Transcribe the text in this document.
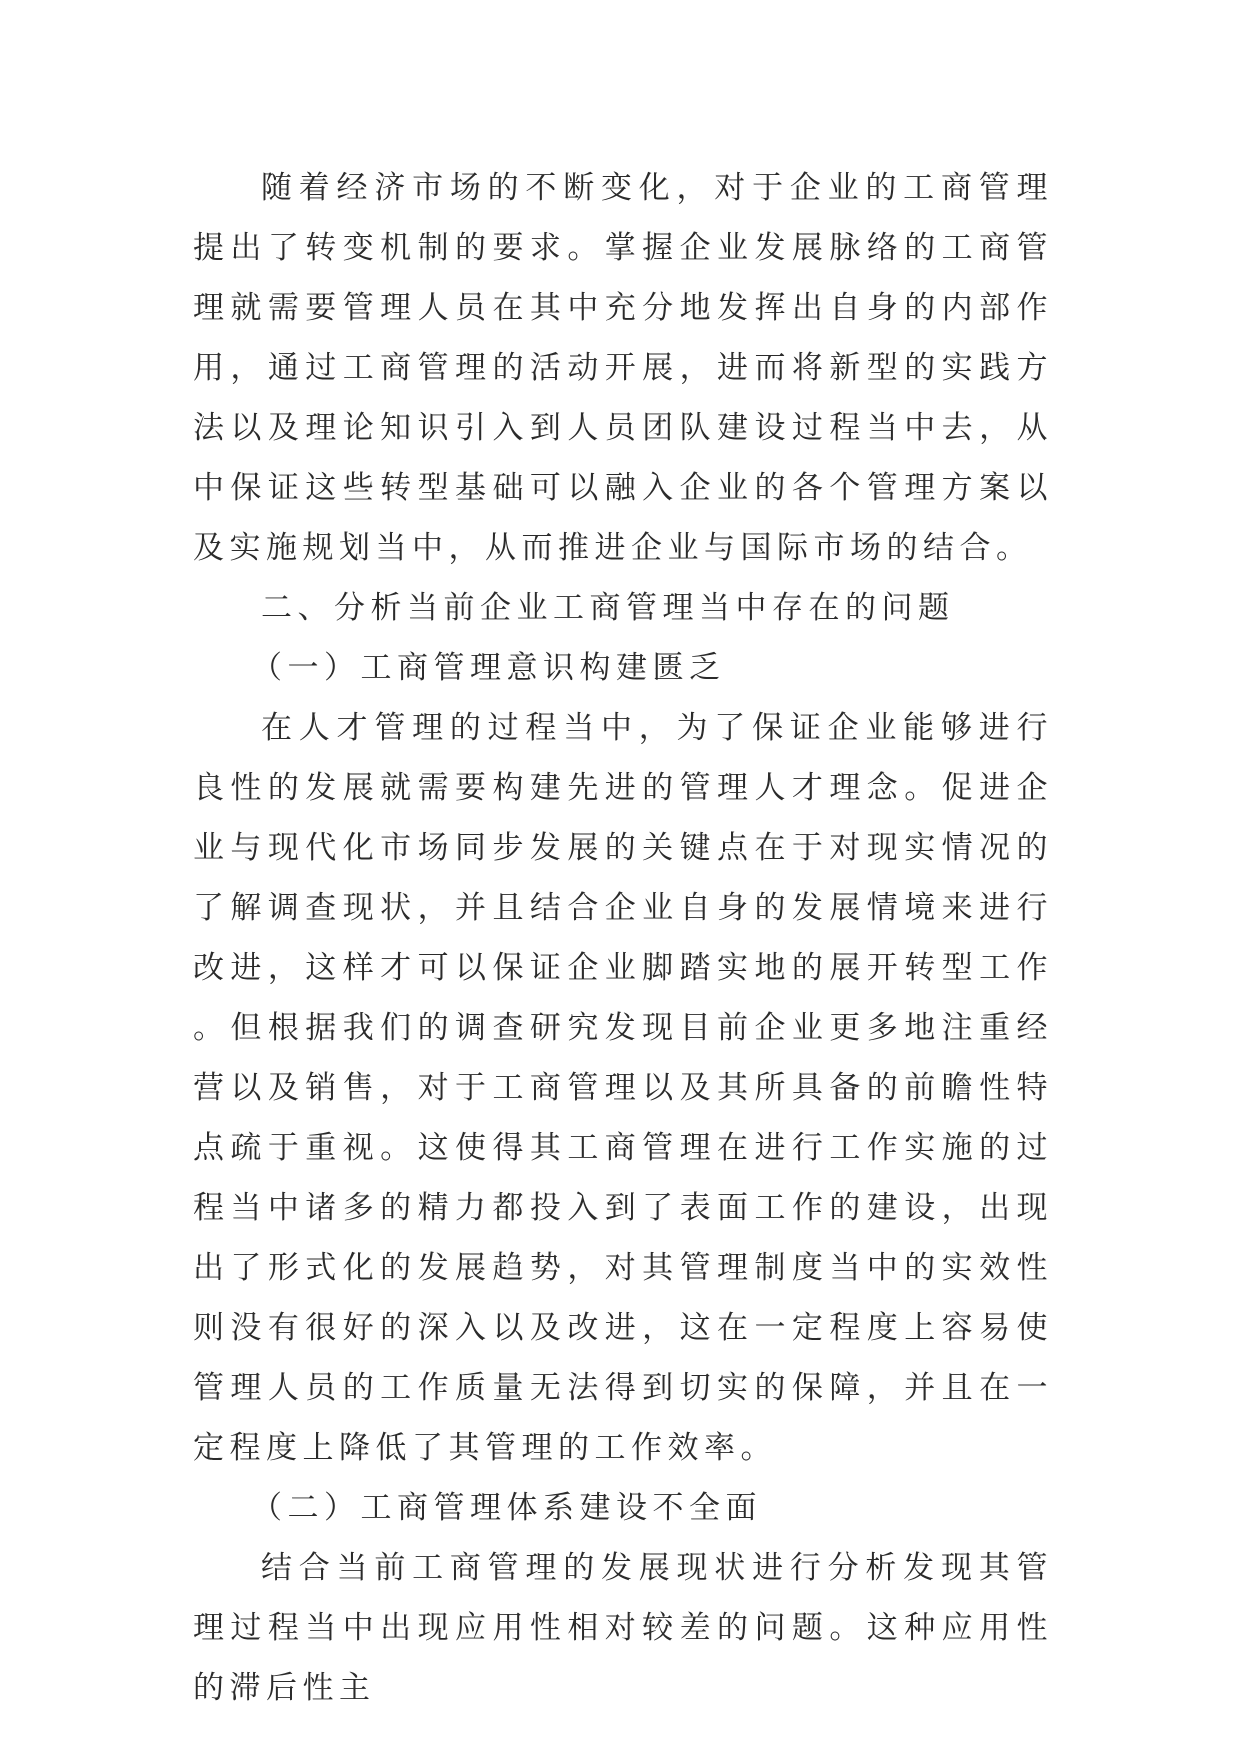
随着经济市场的不断变化，对于企业的工商管理提出了转变机制的要求。掌握企业发展脉络的工商管理就需要管理人员在其中充分地发挥出自身的内部作用，通过工商管理的活动开展，进而将新型的实践方法以及理论知识引入到人员团队建设过程当中去，从中保证这些转型基础可以融入企业的各个管理方案以及实施规划当中，从而推进企业与国际市场的结合。

二、分析当前企业工商管理当中存在的问题

（一）工商管理意识构建匮乏

在人才管理的过程当中，为了保证企业能够进行良性的发展就需要构建先进的管理人才理念。促进企业与现代化市场同步发展的关键点在于对现实情况的了解调查现状，并且结合企业自身的发展情境来进行改进，这样才可以保证企业脚踏实地的展开转型工作。但根据我们的调查研究发现目前企业更多地注重经营以及销售，对于工商管理以及其所具备的前瞻性特点疏于重视。这使得其工商管理在进行工作实施的过程当中诸多的精力都投入到了表面工作的建设，出现出了形式化的发展趋势，对其管理制度当中的实效性则没有很好的深入以及改进，这在一定程度上容易使管理人员的工作质量无法得到切实的保障，并且在一定程度上降低了其管理的工作效率。

（二）工商管理体系建设不全面

结合当前工商管理的发展现状进行分析发现其管理过程当中出现应用性相对较差的问题。这种应用性的滞后性主
